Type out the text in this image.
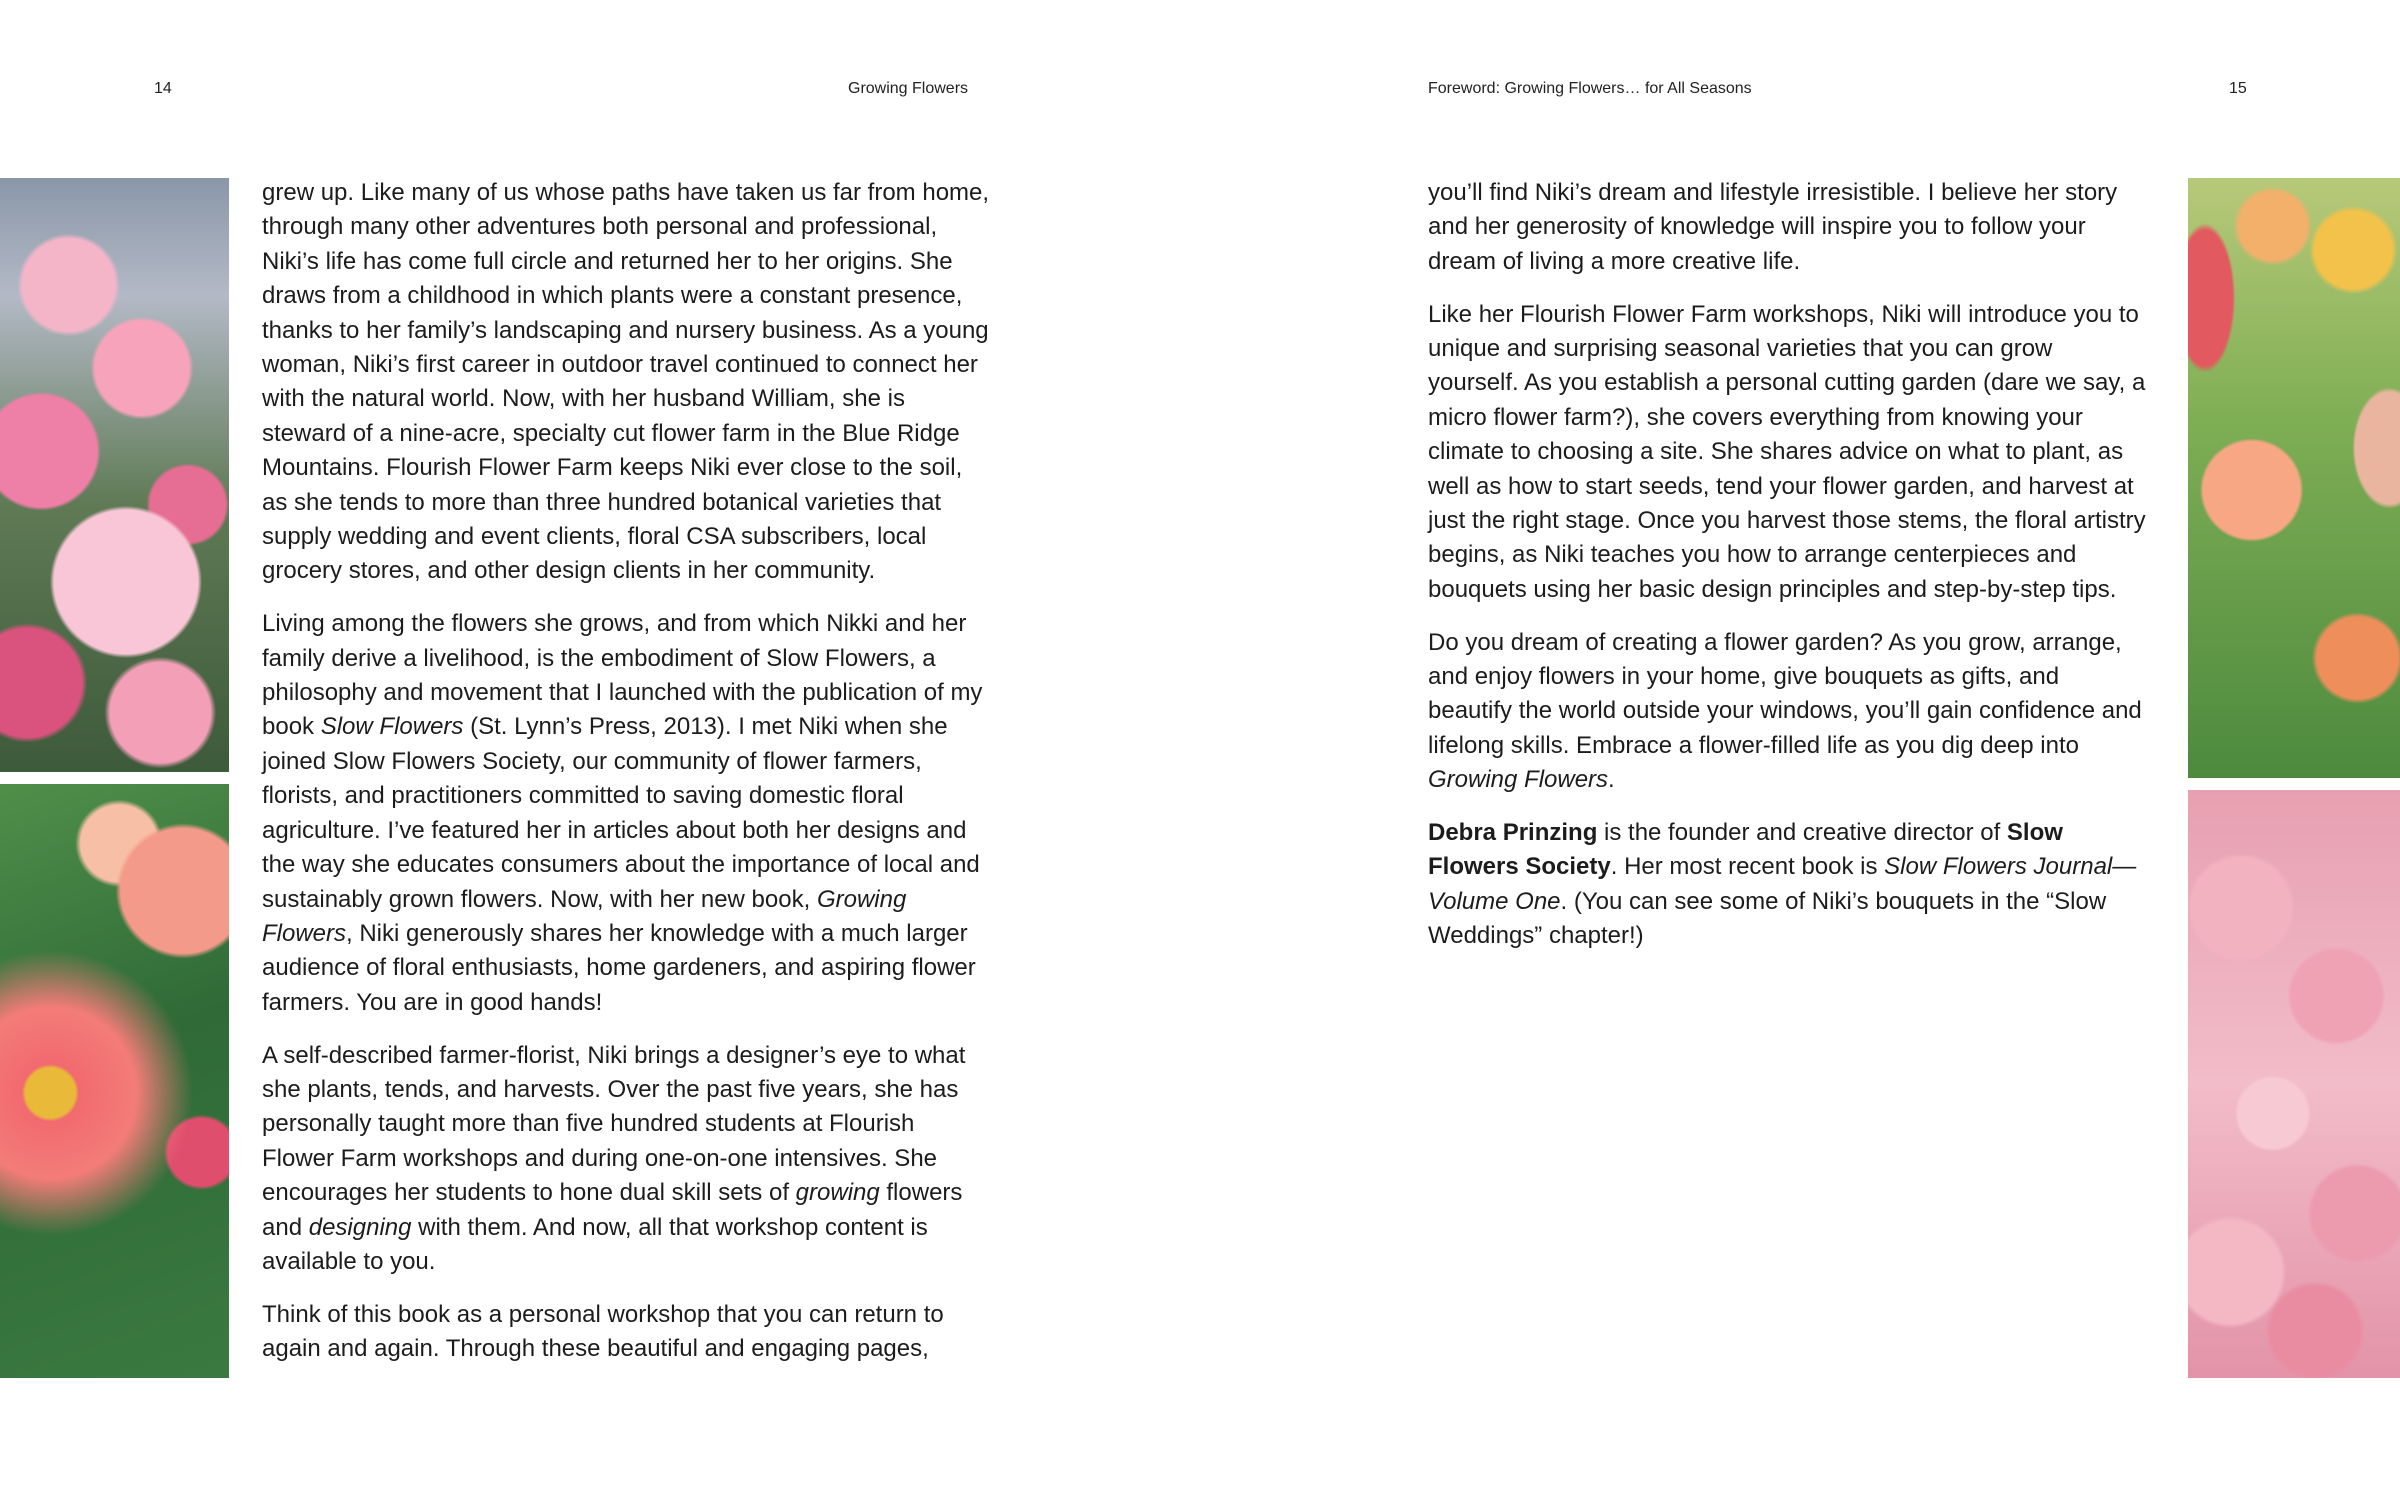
14	Growing Flowers

grew up. Like many of us whose paths have taken us far from home, through many other adventures both personal and professional, Niki’s life has come full circle and returned her to her origins. She draws from a childhood in which plants were a constant presence, thanks to her family’s landscaping and nursery business. As a young woman, Niki’s first career in outdoor travel continued to connect her with the natural world. Now, with her husband William, she is steward of a nine-acre, specialty cut flower farm in the Blue Ridge Mountains. Flourish Flower Farm keeps Niki ever close to the soil, as she tends to more than three hundred botanical varieties that supply wedding and event clients, floral CSA subscribers, local grocery stores, and other design clients in her community.

Living among the flowers she grows, and from which Nikki and her family derive a livelihood, is the embodiment of Slow Flowers, a philosophy and movement that I launched with the publication of my book Slow Flowers (St. Lynn’s Press, 2013). I met Niki when she joined Slow Flowers Society, our community of flower farmers, florists, and practitioners committed to saving domestic floral agriculture. I’ve featured her in articles about both her designs and the way she educates consumers about the importance of local and sustainably grown flowers. Now, with her new book, Growing Flowers, Niki generously shares her knowledge with a much larger audience of floral enthusiasts, home gardeners, and aspiring flower farmers. You are in good hands!

A self-described farmer-florist, Niki brings a designer’s eye to what she plants, tends, and harvests. Over the past five years, she has personally taught more than five hundred students at Flourish Flower Farm workshops and during one-on-one intensives. She encourages her students to hone dual skill sets of growing flowers and designing with them. And now, all that workshop content is available to you.

Think of this book as a personal workshop that you can return to again and again. Through these beautiful and engaging pages,

Foreword: Growing Flowers… for All Seasons	15

you’ll find Niki’s dream and lifestyle irresistible. I believe her story and her generosity of knowledge will inspire you to follow your dream of living a more creative life.

Like her Flourish Flower Farm workshops, Niki will introduce you to unique and surprising seasonal varieties that you can grow yourself. As you establish a personal cutting garden (dare we say, a micro flower farm?), she covers everything from knowing your climate to choosing a site. She shares advice on what to plant, as well as how to start seeds, tend your flower garden, and harvest at just the right stage. Once you harvest those stems, the floral artistry begins, as Niki teaches you how to arrange centerpieces and bouquets using her basic design principles and step-by-step tips.

Do you dream of creating a flower garden? As you grow, arrange, and enjoy flowers in your home, give bouquets as gifts, and beautify the world outside your windows, you’ll gain confidence and lifelong skills. Embrace a flower-filled life as you dig deep into Growing Flowers.

Debra Prinzing is the founder and creative director of Slow Flowers Society. Her most recent book is Slow Flowers Journal—Volume One. (You can see some of Niki’s bouquets in the “Slow Weddings” chapter!)
